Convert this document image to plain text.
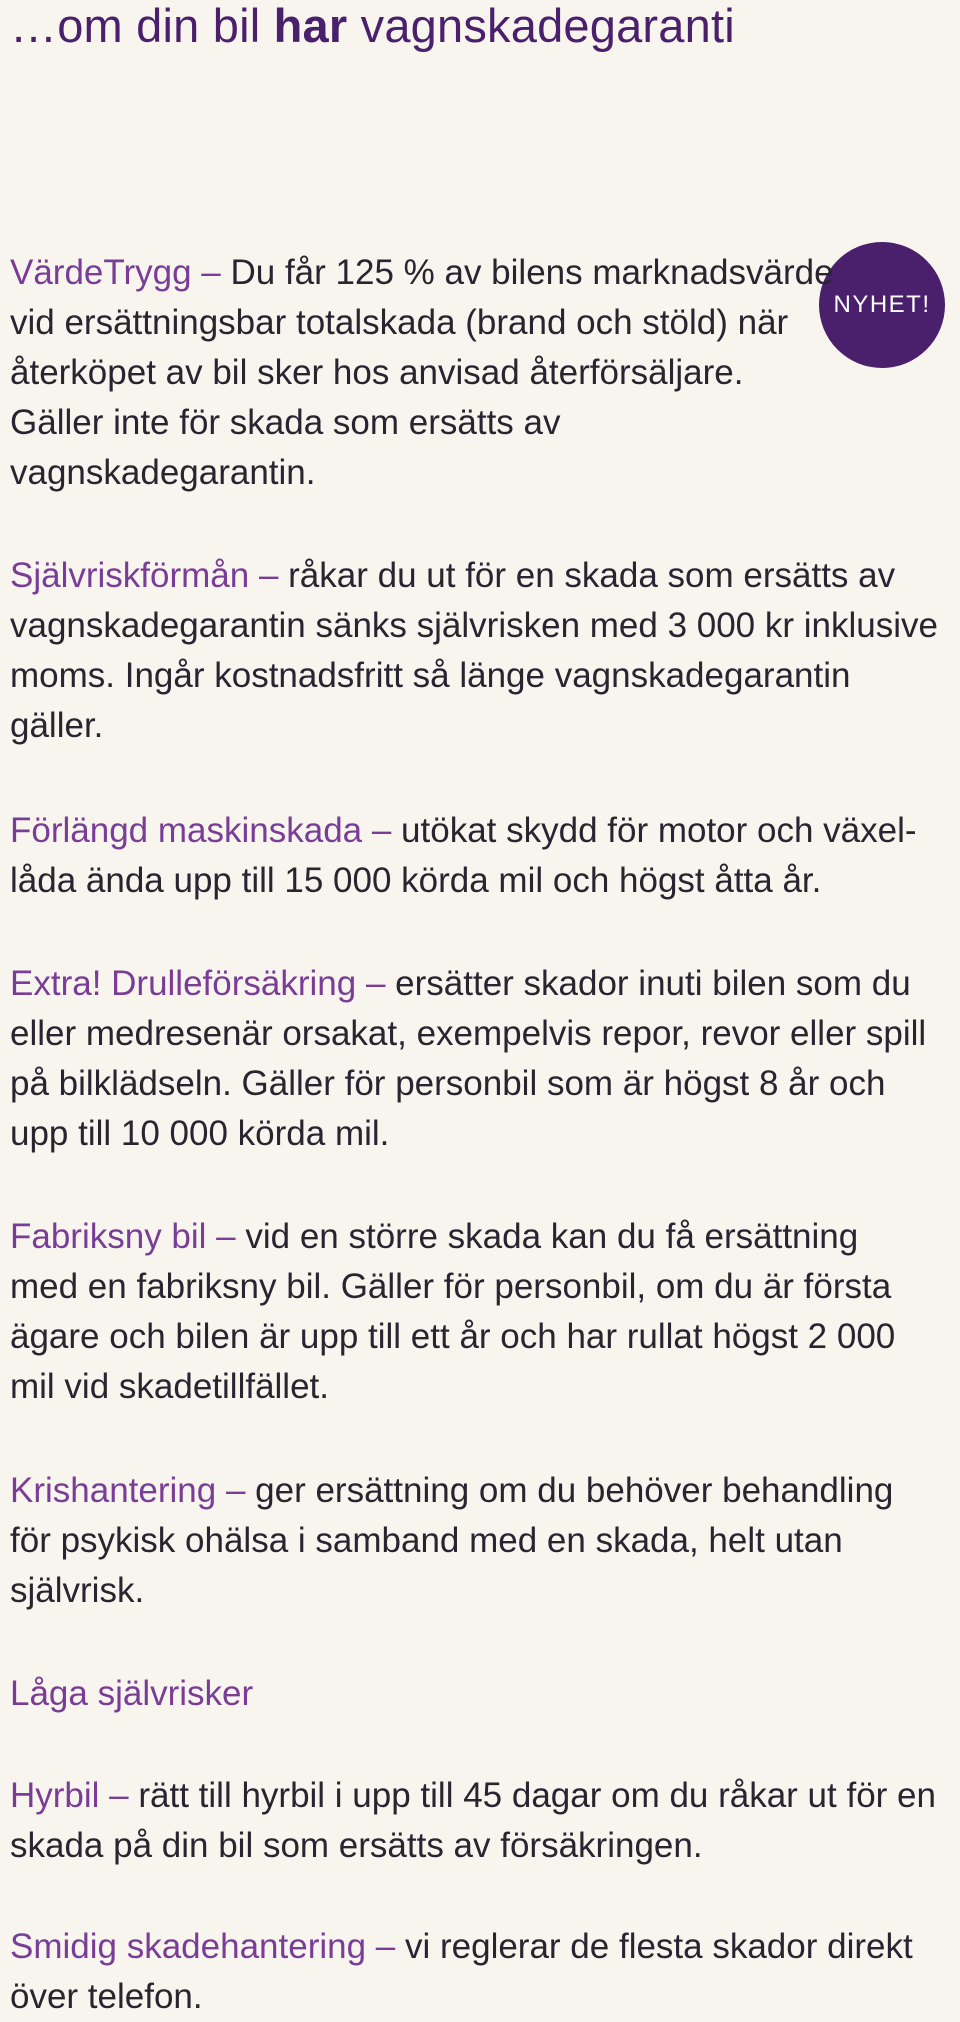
…om din bil har vagnskadegaranti
NYHET!

VärdeTrygg – Du får 125 % av bilens marknadsvärde vid ersättningsbar totalskada (brand och stöld) när återköpet av bil sker hos anvisad återförsäljare. Gäller inte för skada som ersätts av vagnskadegarantin.

Självriskförmån – råkar du ut för en skada som ersätts av vagnskadegarantin sänks självrisken med 3 000 kr inklusive moms. Ingår kostnadsfritt så länge vagnskadegarantin gäller.

Förlängd maskinskada – utökat skydd för motor och växellåda ända upp till 15 000 körda mil och högst åtta år.

Extra! Drulleförsäkring – ersätter skador inuti bilen som du eller medresenär orsakat, exempelvis repor, revor eller spill på bilklädseln. Gäller för personbil som är högst 8 år och upp till 10 000 körda mil.

Fabriksny bil – vid en större skada kan du få ersättning med en fabriksny bil. Gäller för personbil, om du är första ägare och bilen är upp till ett år och har rullat högst 2 000 mil vid skadetillfället.

Krishantering – ger ersättning om du behöver behandling för psykisk ohälsa i samband med en skada, helt utan självrisk.

Låga självrisker

Hyrbil – rätt till hyrbil i upp till 45 dagar om du råkar ut för en skada på din bil som ersätts av försäkringen.

Smidig skadehantering – vi reglerar de flesta skador direkt över telefon.
